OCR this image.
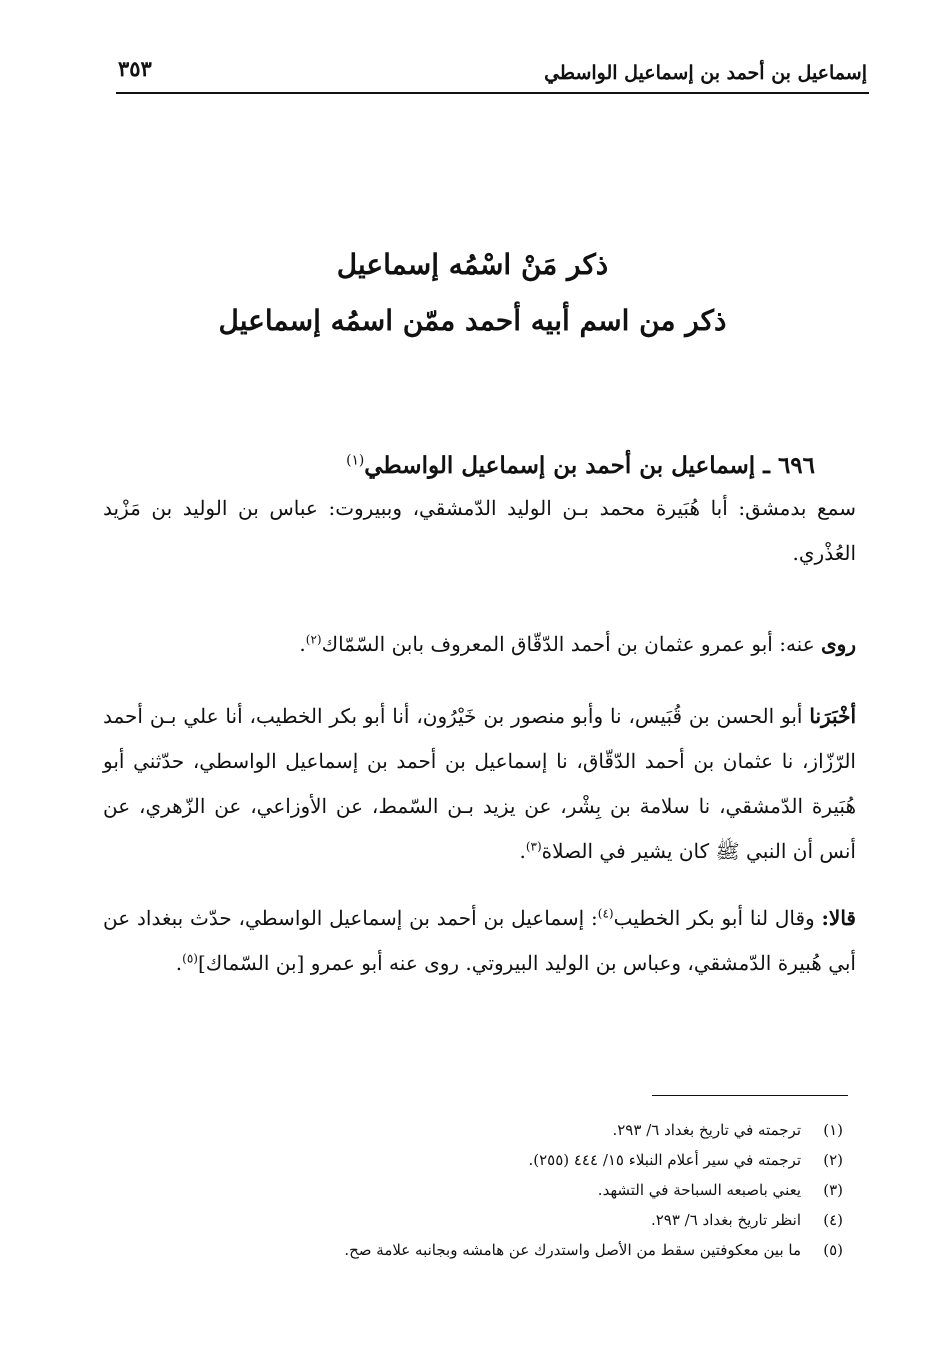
إسماعيل بن أحمد بن إسماعيل الواسطي
٣٥٣
ذكر مَنْ اسْمُه إسماعيل
ذكر من اسم أبيه أحمد ممّن اسمُه إسماعيل
٦٩٦ ـ إسماعيل بن أحمد بن إسماعيل الواسطي$^{(١)}$

سمع بدمشق: أبا هُبَيرة محمد بـن الوليد الدّمشقي، وببيروت: عباس بن الوليد بن مَزْيد العُذْري.

روى عنه: أبو عمرو عثمان بن أحمد الدّقّاق المعروف بابن السّمّاك$^{(٢)}$.

أخْبَرَنا أبو الحسن بن قُبَيس، نا وأبو منصور بن خَيْرُون، أنا أبو بكر الخطيب، أنا علي بـن أحمد الرّزّاز، نا عثمان بن أحمد الدّقّاق، نا إسماعيل بن أحمد بن إسماعيل الواسطي، حدّثني أبو هُبَيرة الدّمشقي، نا سلامة بن بِشْر، عن يزيد بـن السّمط، عن الأوزاعي، عن الزّهري، عن أنس أن النبي ﷺ كان يشير في الصلاة$^{(٣)}$.

قالا: وقال لنا أبو بكر الخطيب$^{(٤)}$: إسماعيل بن أحمد بن إسماعيل الواسطي، حدّث ببغداد عن أبي هُبيرة الدّمشقي، وعباس بن الوليد البيروتي. روى عنه أبو عمرو [بن السّماك]$^{(٥)}$.

(١)ترجمته في تاريخ بغداد ٦/ ٢٩٣.
(٢)ترجمته في سير أعلام النبلاء ١٥/ ٤٤٤ (٢٥٥).
(٣)يعني باصبعه السباحة في التشهد.
(٤)انظر تاريخ بغداد ٦/ ٢٩٣.
(٥)ما بين معكوفتين سقط من الأصل واستدرك عن هامشه وبجانبه علامة صح.
